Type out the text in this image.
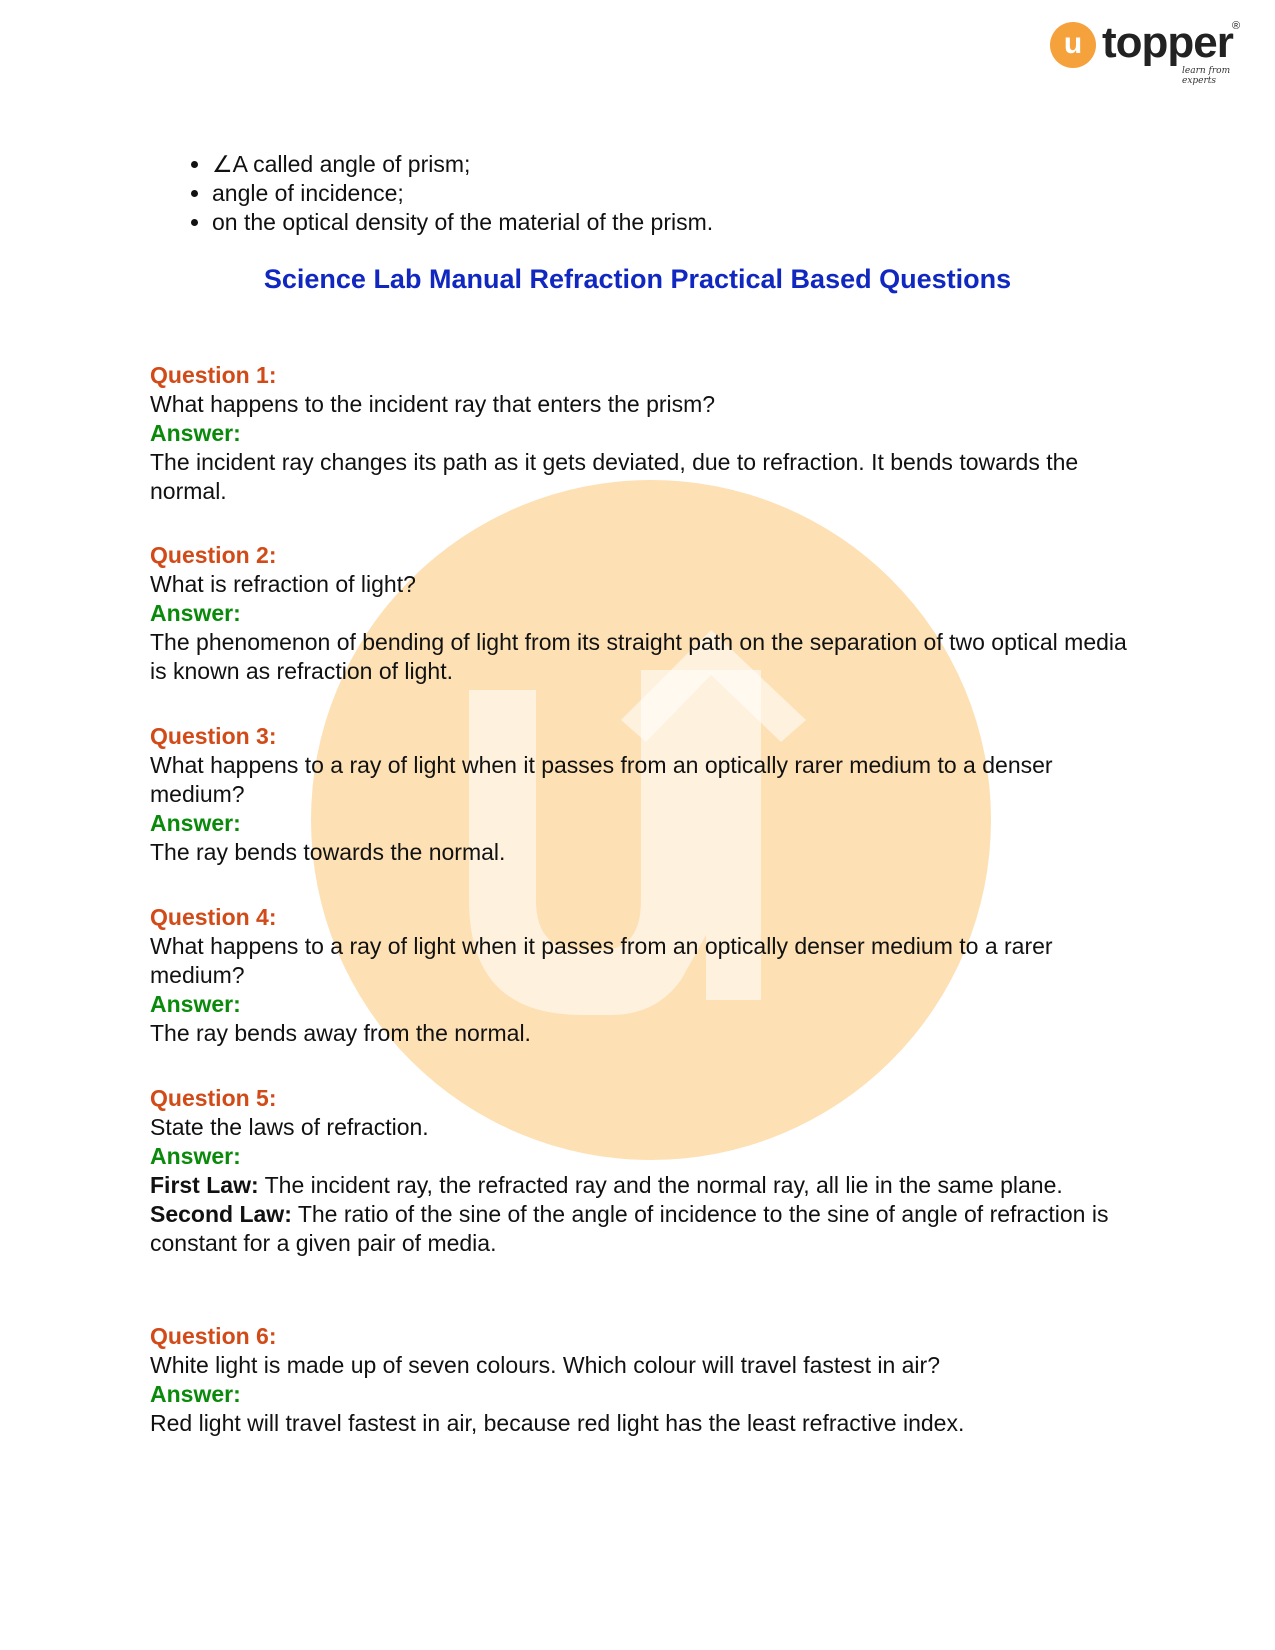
u topper ®
learn from experts
• ∠A called angle of prism;
• angle of incidence;
• on the optical density of the material of the prism.
Science Lab Manual Refraction Practical Based Questions
Question 1:
What happens to the incident ray that enters the prism?
Answer:
The incident ray changes its path as it gets deviated, due to refraction. It bends towards the normal.
Question 2:
What is refraction of light?
Answer:
The phenomenon of bending of light from its straight path on the separation of two optical media is known as refraction of light.
Question 3:
What happens to a ray of light when it passes from an optically rarer medium to a denser medium?
Answer:
The ray bends towards the normal.
Question 4:
What happens to a ray of light when it passes from an optically denser medium to a rarer medium?
Answer:
The ray bends away from the normal.
Question 5:
State the laws of refraction.
Answer:
First Law: The incident ray, the refracted ray and the normal ray, all lie in the same plane.
Second Law: The ratio of the sine of the angle of incidence to the sine of angle of refraction is constant for a given pair of media.
Question 6:
White light is made up of seven colours. Which colour will travel fastest in air?
Answer:
Red light will travel fastest in air, because red light has the least refractive index.
